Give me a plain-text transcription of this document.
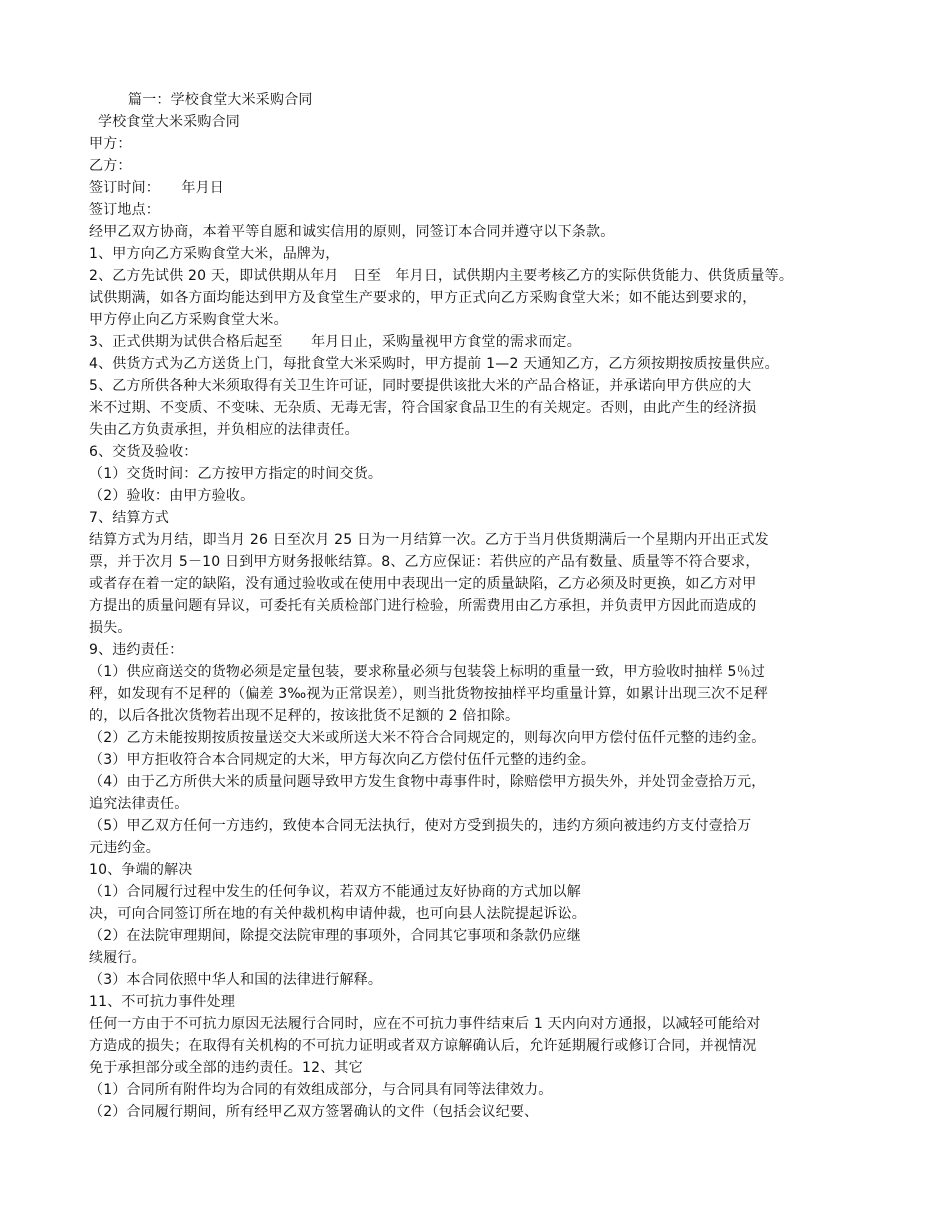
篇一：学校食堂大米采购合同
学校食堂大米采购合同
甲方：
乙方：
签订时间：　　年月日
签订地点：
经甲乙双方协商，本着平等自愿和诚实信用的原则，同签订本合同并遵守以下条款。
1、甲方向乙方采购食堂大米，品牌为，
2、乙方先试供 20 天，即试供期从年月　日至　年月日，试供期内主要考核乙方的实际供货能力、供货质量等。
试供期满，如各方面均能达到甲方及食堂生产要求的，甲方正式向乙方采购食堂大米；如不能达到要求的，
甲方停止向乙方采购食堂大米。
3、正式供期为试供合格后起至　　年月日止，采购量视甲方食堂的需求而定。
4、供货方式为乙方送货上门，每批食堂大米采购时，甲方提前 1—2 天通知乙方，乙方须按期按质按量供应。
5、乙方所供各种大米须取得有关卫生许可证，同时要提供该批大米的产品合格证，并承诺向甲方供应的大
米不过期、不变质、不变味、无杂质、无毒无害，符合国家食品卫生的有关规定。否则，由此产生的经济损
失由乙方负责承担，并负相应的法律责任。
6、交货及验收：
（1）交货时间：乙方按甲方指定的时间交货。
（2）验收：由甲方验收。
7、结算方式
结算方式为月结，即当月 26 日至次月 25 日为一月结算一次。乙方于当月供货期满后一个星期内开出正式发
票，并于次月 5－10 日到甲方财务报帐结算。8、乙方应保证：若供应的产品有数量、质量等不符合要求，
或者存在着一定的缺陷，没有通过验收或在使用中表现出一定的质量缺陷，乙方必须及时更换，如乙方对甲
方提出的质量问题有异议，可委托有关质检部门进行检验，所需费用由乙方承担，并负责甲方因此而造成的
损失。
9、违约责任：
（1）供应商送交的货物必须是定量包装，要求称量必须与包装袋上标明的重量一致，甲方验收时抽样 5％过
秤，如发现有不足秤的（偏差 3‰视为正常误差），则当批货物按抽样平均重量计算，如累计出现三次不足秤
的，以后各批次货物若出现不足秤的，按该批货不足额的 2 倍扣除。
（2）乙方未能按期按质按量送交大米或所送大米不符合合同规定的，则每次向甲方偿付伍仟元整的违约金。
（3）甲方拒收符合本合同规定的大米，甲方每次向乙方偿付伍仟元整的违约金。
（4）由于乙方所供大米的质量问题导致甲方发生食物中毒事件时，除赔偿甲方损失外，并处罚金壹拾万元，
追究法律责任。
（5）甲乙双方任何一方违约，致使本合同无法执行，使对方受到损失的，违约方须向被违约方支付壹拾万
元违约金。
10、争端的解决
（1）合同履行过程中发生的任何争议，若双方不能通过友好协商的方式加以解
决，可向合同签订所在地的有关仲裁机构申请仲裁，也可向县人法院提起诉讼。
（2）在法院审理期间，除提交法院审理的事项外，合同其它事项和条款仍应继
续履行。
（3）本合同依照中华人和国的法律进行解释。
11、不可抗力事件处理
任何一方由于不可抗力原因无法履行合同时，应在不可抗力事件结束后 1 天内向对方通报，以减轻可能给对
方造成的损失；在取得有关机构的不可抗力证明或者双方谅解确认后，允许延期履行或修订合同，并视情况
免于承担部分或全部的违约责任。12、其它
（1）合同所有附件均为合同的有效组成部分，与合同具有同等法律效力。
（2）合同履行期间，所有经甲乙双方签署确认的文件（包括会议纪要、
